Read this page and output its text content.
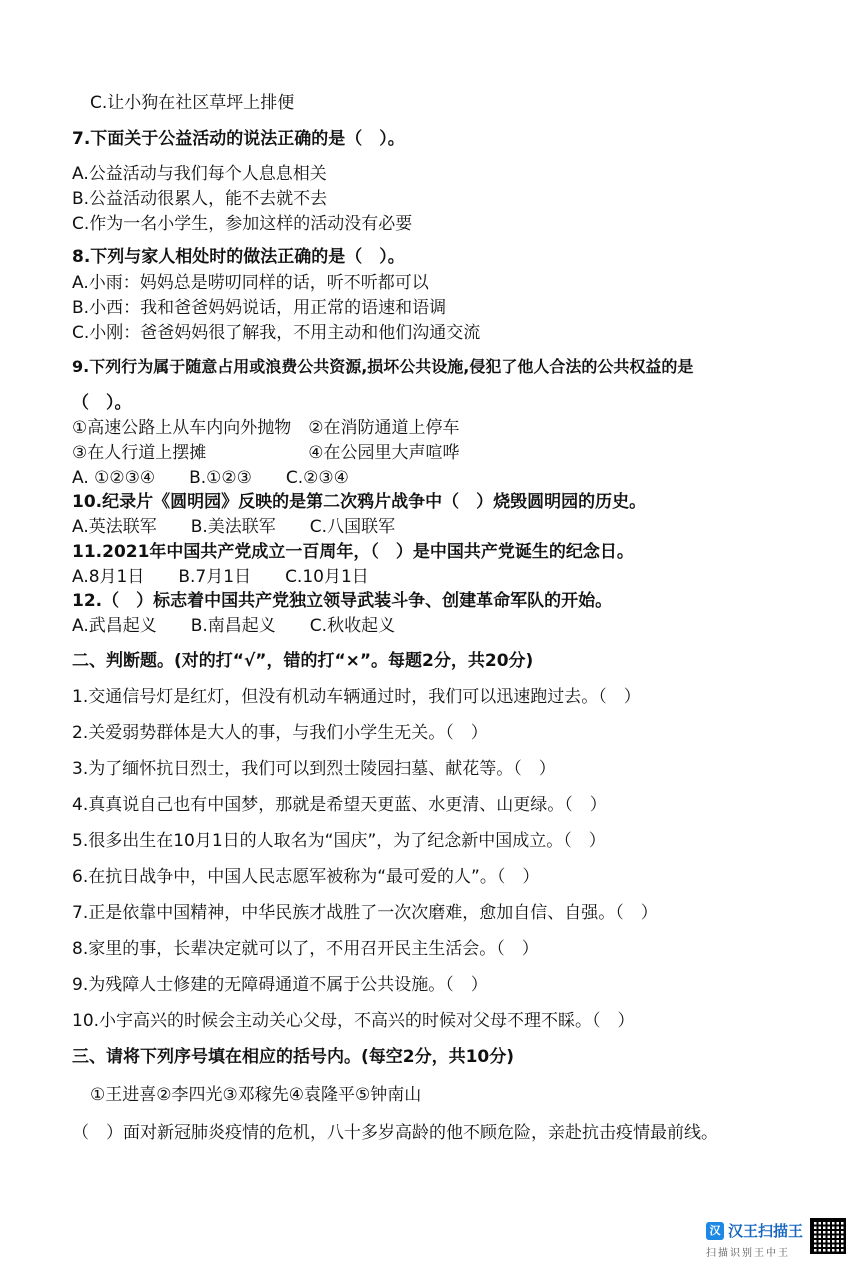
C.让小狗在社区草坪上排便
7.下面关于公益活动的说法正确的是（　）。
A.公益活动与我们每个人息息相关
B.公益活动很累人，能不去就不去
C.作为一名小学生，参加这样的活动没有必要
8.下列与家人相处时的做法正确的是（　）。
A.小雨：妈妈总是唠叨同样的话，听不听都可以
B.小西：我和爸爸妈妈说话，用正常的语速和语调
C.小刚：爸爸妈妈很了解我，不用主动和他们沟通交流
9.下列行为属于随意占用或浪费公共资源,损坏公共设施,侵犯了他人合法的公共权益的是
（　）。
①高速公路上从车内向外抛物　②在消防通道上停车
③在人行道上摆摊　　　　　　④在公园里大声喧哗
A. ①②③④　　B.①②③　　C.②③④
10.纪录片《圆明园》反映的是第二次鸦片战争中（　）烧毁圆明园的历史。
A.英法联军　　B.美法联军　　C.八国联军
11.2021年中国共产党成立一百周年，（　）是中国共产党诞生的纪念日。
A.8月1日　　B.7月1日　　C.10月1日
12.（　）标志着中国共产党独立领导武装斗争、创建革命军队的开始。
A.武昌起义　　B.南昌起义　　C.秋收起义
二、判断题。(对的打“√”，错的打“×”。每题2分，共20分)
1.交通信号灯是红灯，但没有机动车辆通过时，我们可以迅速跑过去。（　）
2.关爱弱势群体是大人的事，与我们小学生无关。（　）
3.为了缅怀抗日烈士，我们可以到烈士陵园扫墓、献花等。（　）
4.真真说自己也有中国梦，那就是希望天更蓝、水更清、山更绿。（　）
5.很多出生在10月1日的人取名为“国庆”，为了纪念新中国成立。（　）
6.在抗日战争中，中国人民志愿军被称为“最可爱的人”。（　）
7.正是依靠中国精神，中华民族才战胜了一次次磨难，愈加自信、自强。（　）
8.家里的事，长辈决定就可以了，不用召开民主生活会。（　）
9.为残障人士修建的无障碍通道不属于公共设施。（　）
10.小宇高兴的时候会主动关心父母，不高兴的时候对父母不理不睬。（　）
三、请将下列序号填在相应的括号内。(每空2分，共10分)
①王进喜②李四光③邓稼先④袁隆平⑤钟南山
（　）面对新冠肺炎疫情的危机，八十多岁高龄的他不顾危险，亲赴抗击疫情最前线。
汉 汉王扫描王
扫描识别王中王
